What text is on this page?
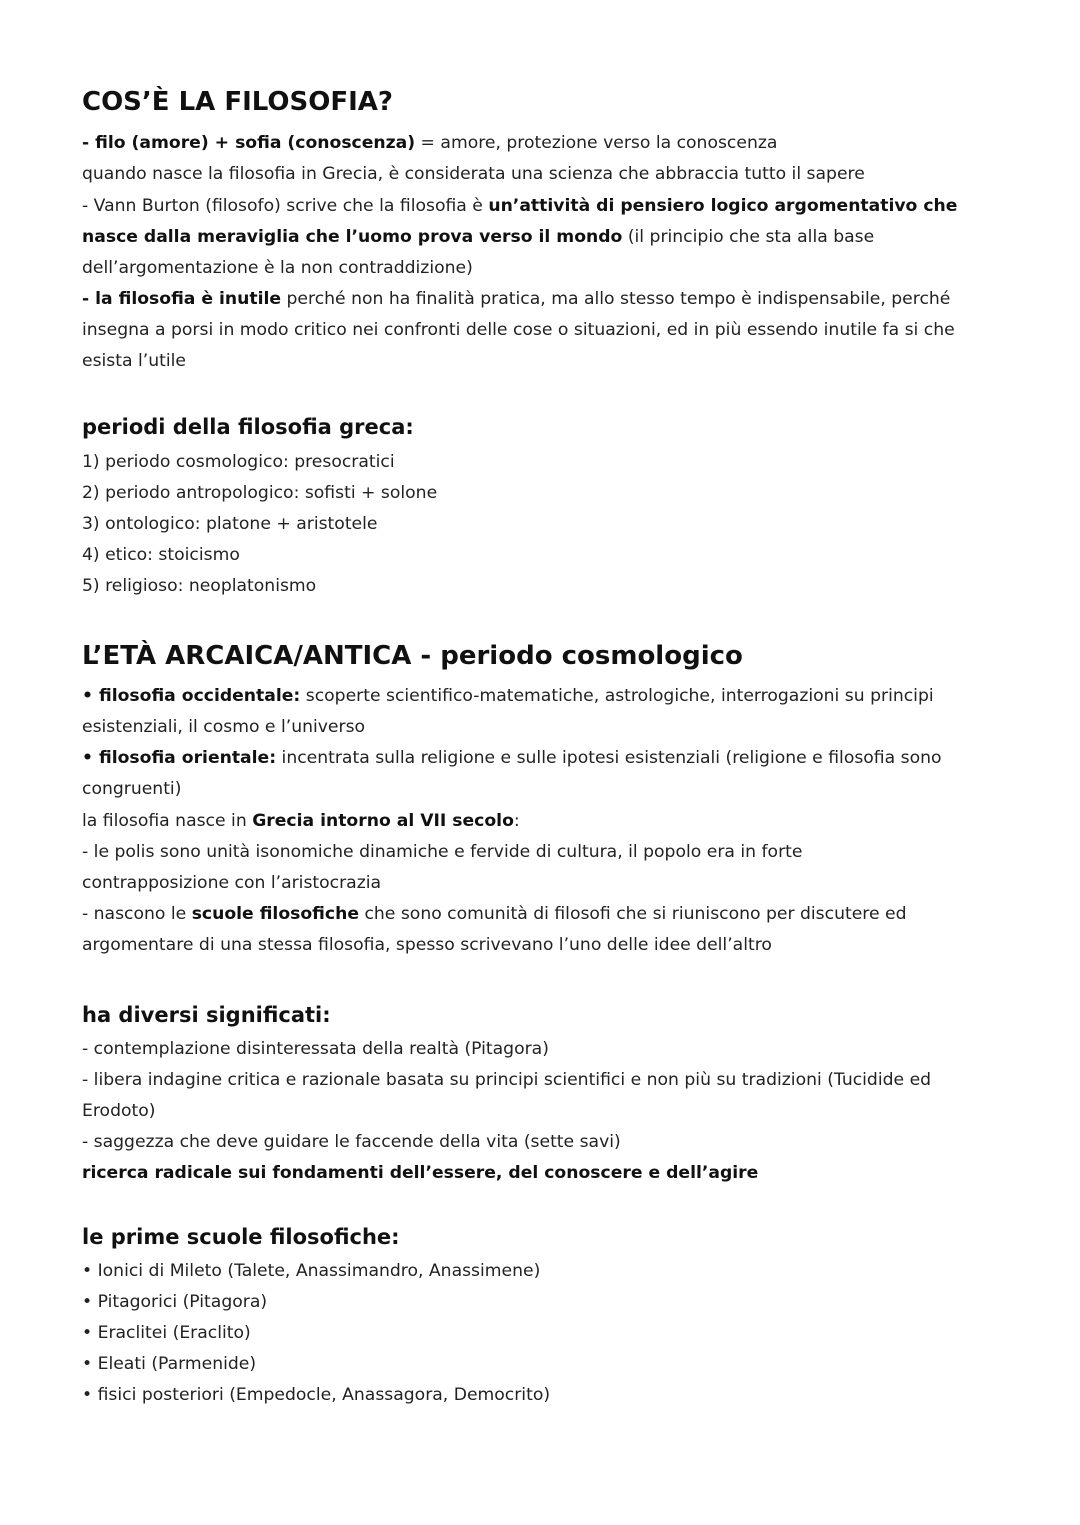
COS’È LA FILOSOFIA?

- filo (amore) + sofia (conoscenza) = amore, protezione verso la conoscenza

quando nasce la filosofia in Grecia, è considerata una scienza che abbraccia tutto il sapere

- Vann Burton (filosofo) scrive che la filosofia è un’attività di pensiero logico argomentativo che

nasce dalla meraviglia che l’uomo prova verso il mondo (il principio che sta alla base

dell’argomentazione è la non contraddizione)

- la filosofia è inutile perché non ha finalità pratica, ma allo stesso tempo è indispensabile, perché

insegna a porsi in modo critico nei confronti delle cose o situazioni, ed in più essendo inutile fa si che

esista l’utile

periodi della filosofia greca:

1) periodo cosmologico: presocratici

2) periodo antropologico: sofisti + solone

3) ontologico: platone + aristotele

4) etico: stoicismo

5) religioso: neoplatonismo

L’ETÀ ARCAICA/ANTICA - periodo cosmologico

• filosofia occidentale: scoperte scientifico-matematiche, astrologiche, interrogazioni su principi

esistenziali, il cosmo e l’universo

• filosofia orientale: incentrata sulla religione e sulle ipotesi esistenziali (religione e filosofia sono

congruenti)

la filosofia nasce in Grecia intorno al VII secolo:

- le polis sono unità isonomiche dinamiche e fervide di cultura, il popolo era in forte

contrapposizione con l’aristocrazia

- nascono le scuole filosofiche che sono comunità di filosofi che si riuniscono per discutere ed

argomentare di una stessa filosofia, spesso scrivevano l’uno delle idee dell’altro

ha diversi significati:

- contemplazione disinteressata della realtà (Pitagora)

- libera indagine critica e razionale basata su principi scientifici e non più su tradizioni (Tucidide ed

Erodoto)

- saggezza che deve guidare le faccende della vita (sette savi)

ricerca radicale sui fondamenti dell’essere, del conoscere e dell’agire

le prime scuole filosofiche:

• Ionici di Mileto (Talete, Anassimandro, Anassimene)

• Pitagorici (Pitagora)

• Eraclitei (Eraclito)

• Eleati (Parmenide)

• fisici posteriori (Empedocle, Anassagora, Democrito)
